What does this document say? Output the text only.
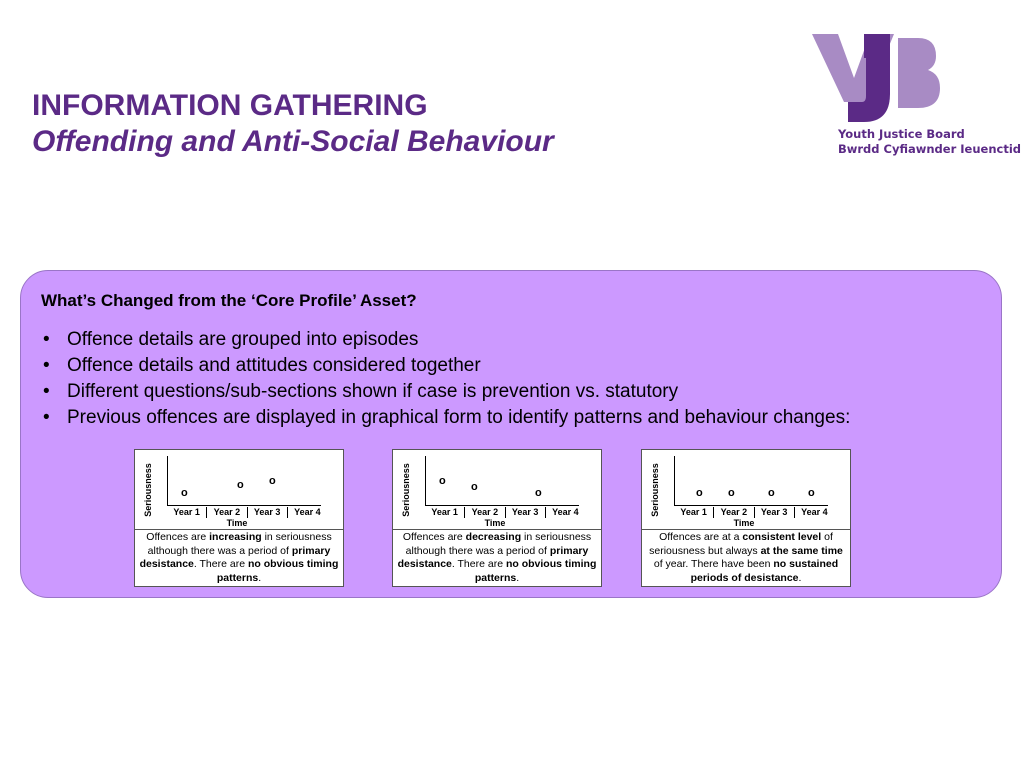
INFORMATION GATHERING
Offending and Anti-Social Behaviour	Youth Justice Board
Bwrdd Cyfiawnder Ieuenctid
What’s Changed from the ‘Core Profile’ Asset?
• Offence details are grouped into episodes
• Offence details and attitudes considered together
• Different questions/sub-sections shown if case is prevention vs. statutory
• Previous offences are displayed in graphical form to identify patterns and behaviour changes:
Seriousness	Year 1	Year 2	Year 3	Year 4
Time
o
o o
Offences are increasing in seriousness although there was a period of primary desistance. There are no obvious timing patterns.
Seriousness	Year 1	Year 2	Year 3	Year 4
Time
o o
o
Offences are decreasing in seriousness although there was a period of primary desistance. There are no obvious timing patterns.
Seriousness	Year 1	Year 2	Year 3	Year 4
Time
o o	o	o
Offences are at a consistent level of seriousness but always at the same time of year. There have been no sustained periods of desistance.
